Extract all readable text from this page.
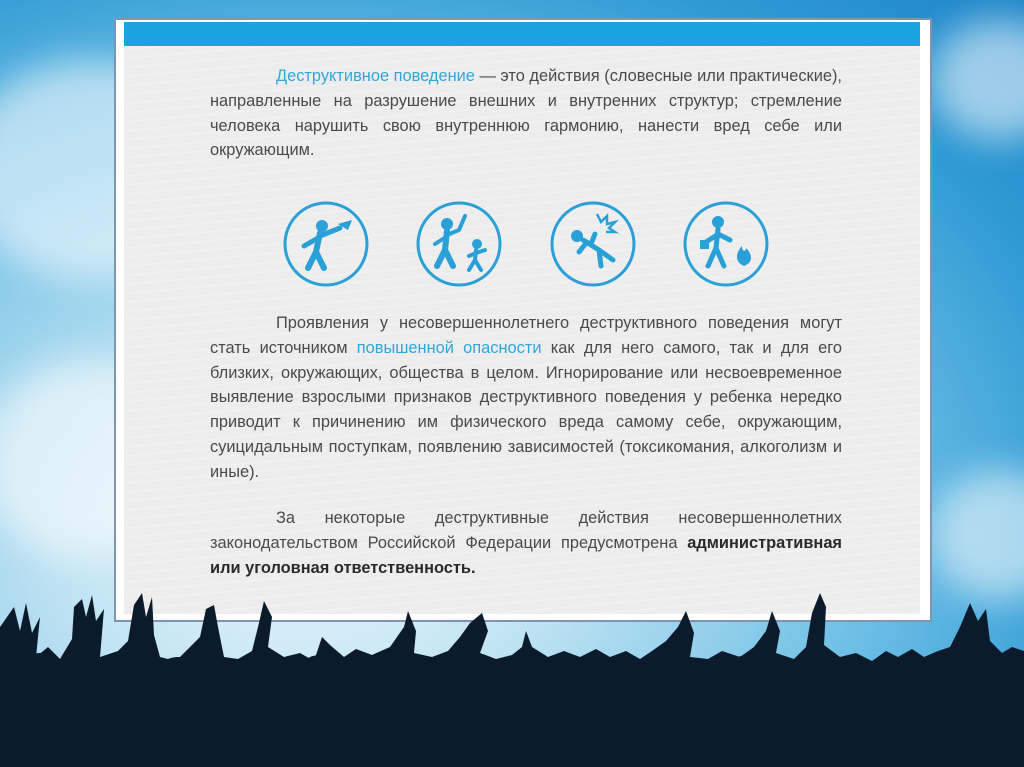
Деструктивное поведение — это действия (словесные или практические), направленные на разрушение внешних и внутренних структур; стремление человека нарушить свою внутреннюю гармонию, нанести вред себе или окружающим.

Проявления у несовершеннолетнего деструктивного поведения могут стать источником повышенной опасности как для него самого, так и для его близких, окружающих, общества в целом. Игнорирование или несвоевременное выявление взрослыми признаков деструктивного поведения у ребенка нередко приводит к причинению им физического вреда самому себе, окружающим, суицидальным поступкам, появлению зависимостей (токсикомания, алкоголизм и иные).

За некоторые деструктивные действия несовершеннолетних законодательством Российской Федерации предусмотрена административная или уголовная ответственность.
